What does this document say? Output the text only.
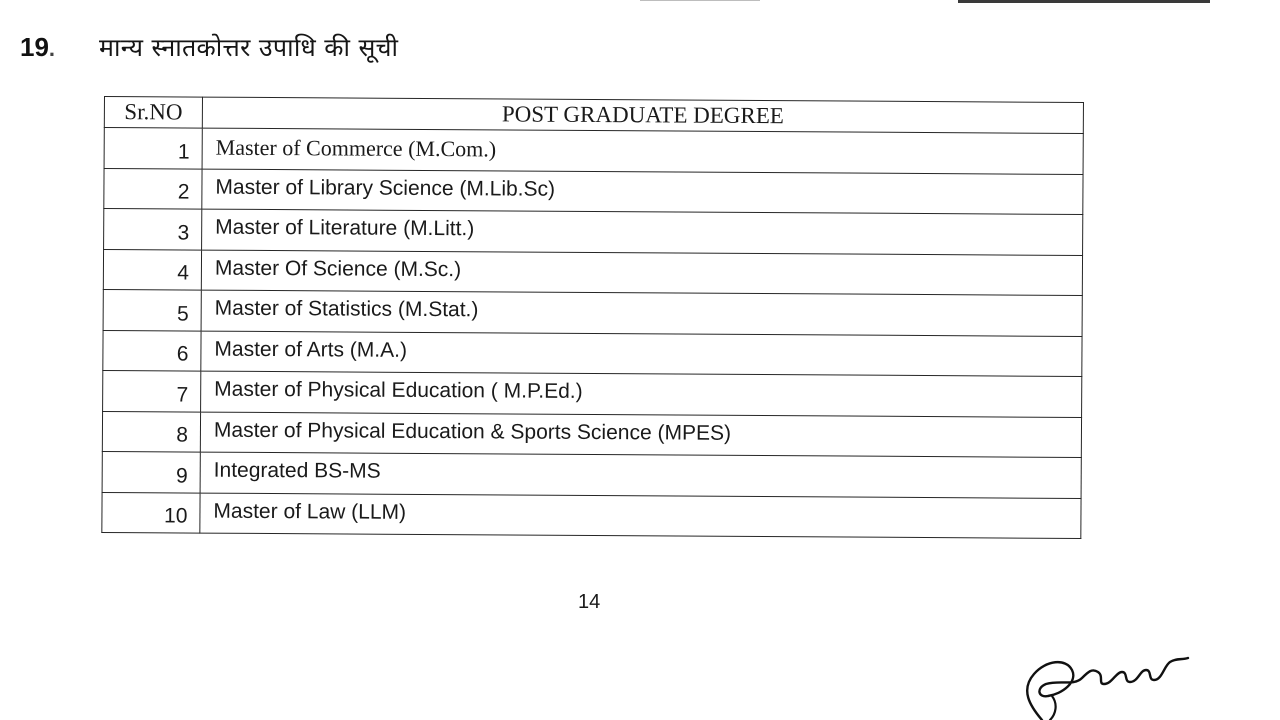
19 . मान्य स्नातकोत्तर उपाधि की सूची
Sr.NO	POST GRADUATE DEGREE
1	Master of Commerce (M.Com.)
2	Master of Library Science (M.Lib.Sc)
3	Master of Literature (M.Litt.)
4	Master Of Science (M.Sc.)
5	Master of Statistics (M.Stat.)
6	Master of Arts (M.A.)
7	Master of Physical Education ( M.P.Ed.)
8	Master of Physical Education & Sports Science (MPES)
9	Integrated BS-MS
10	Master of Law (LLM)
14
